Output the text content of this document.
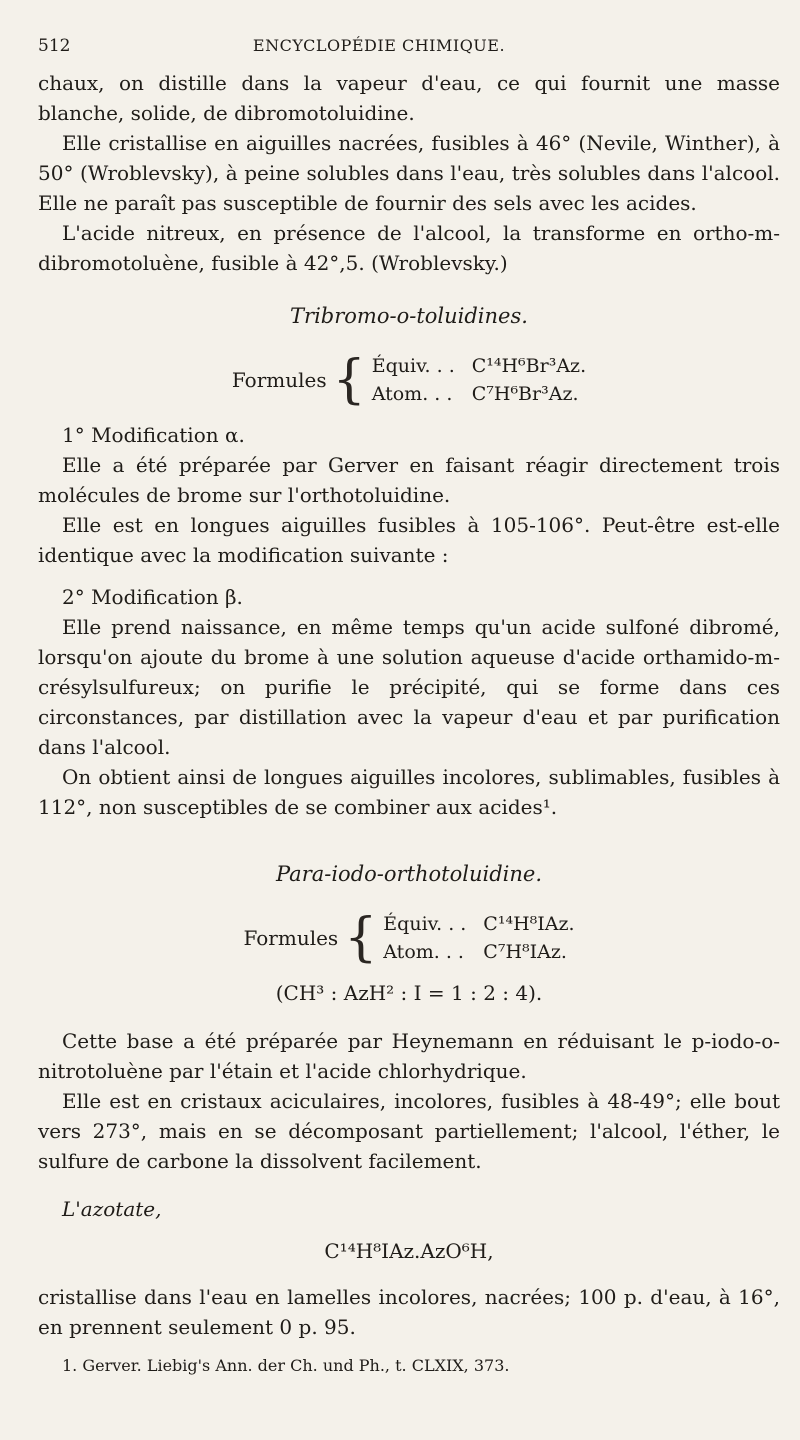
512	ENCYCLOPÉDIE CHIMIQUE.

chaux, on distille dans la vapeur d'eau, ce qui fournit une masse blanche, solide, de dibromotoluidine.

Elle cristallise en aiguilles nacrées, fusibles à 46° (Nevile, Winther), à 50° (Wroblevsky), à peine solubles dans l'eau, très solubles dans l'alcool. Elle ne paraît pas susceptible de fournir des sels avec les acides.

L'acide nitreux, en présence de l'alcool, la transforme en ortho-m-dibromotoluène, fusible à 42°,5. (Wroblevsky.)

Tribromo-o-toluidines.
Formules { Équiv. . . C¹⁴H⁶Br³Az.
Atom. . .	C⁷H⁶Br³Az.
1° Modification α.

Elle a été préparée par Gerver en faisant réagir directement trois molécules de brome sur l'orthotoluidine.

Elle est en longues aiguilles fusibles à 105-106°. Peut-être est-elle identique avec la modification suivante :

2° Modification β.

Elle prend naissance, en même temps qu'un acide sulfoné dibromé, lorsqu'on ajoute du brome à une solution aqueuse d'acide orthamido-m-crésylsulfureux; on purifie le précipité, qui se forme dans ces circonstances, par distillation avec la vapeur d'eau et par purification dans l'alcool.

On obtient ainsi de longues aiguilles incolores, sublimables, fusibles à 112°, non susceptibles de se combiner aux acides¹.

Para-iodo-orthotoluidine.
Formules { Équiv. . . C¹⁴H⁸IAz.
Atom. . .	C⁷H⁸IAz.
(CH³ : AzH² : I = 1 : 2 : 4).

Cette base a été préparée par Heynemann en réduisant le p-iodo-o-nitrotoluène par l'étain et l'acide chlorhydrique.

Elle est en cristaux aciculaires, incolores, fusibles à 48-49°; elle bout vers 273°, mais en se décomposant partiellement; l'alcool, l'éther, le sulfure de carbone la dissolvent facilement.

L'azotate,
C¹⁴H⁸IAz.AzO⁶H,

cristallise dans l'eau en lamelles incolores, nacrées; 100 p. d'eau, à 16°, en prennent seulement 0 p. 95.

1. Gerver. Liebig's Ann. der Ch. und Ph., t. CLXIX, 373.
